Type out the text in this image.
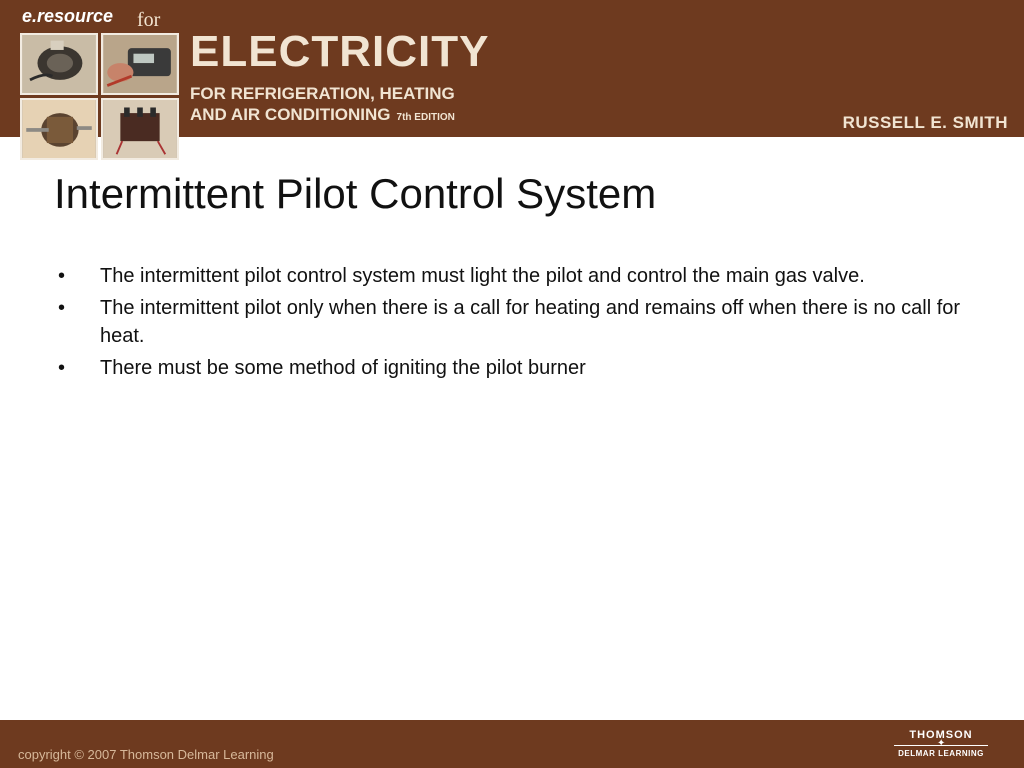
e.resource for
ELECTRICITY
FOR REFRIGERATION, HEATING
AND AIR CONDITIONING 7th EDITION	RUSSELL E. SMITH
Intermittent Pilot Control System
• The intermittent pilot control system must light the pilot and control the main gas valve.
• The intermittent pilot only when there is a call for heating and remains off when there is no call for heat.
• There must be some method of igniting the pilot burner
copyright © 2007 Thomson Delmar Learning
THOMSON
✦
DELMAR LEARNING
